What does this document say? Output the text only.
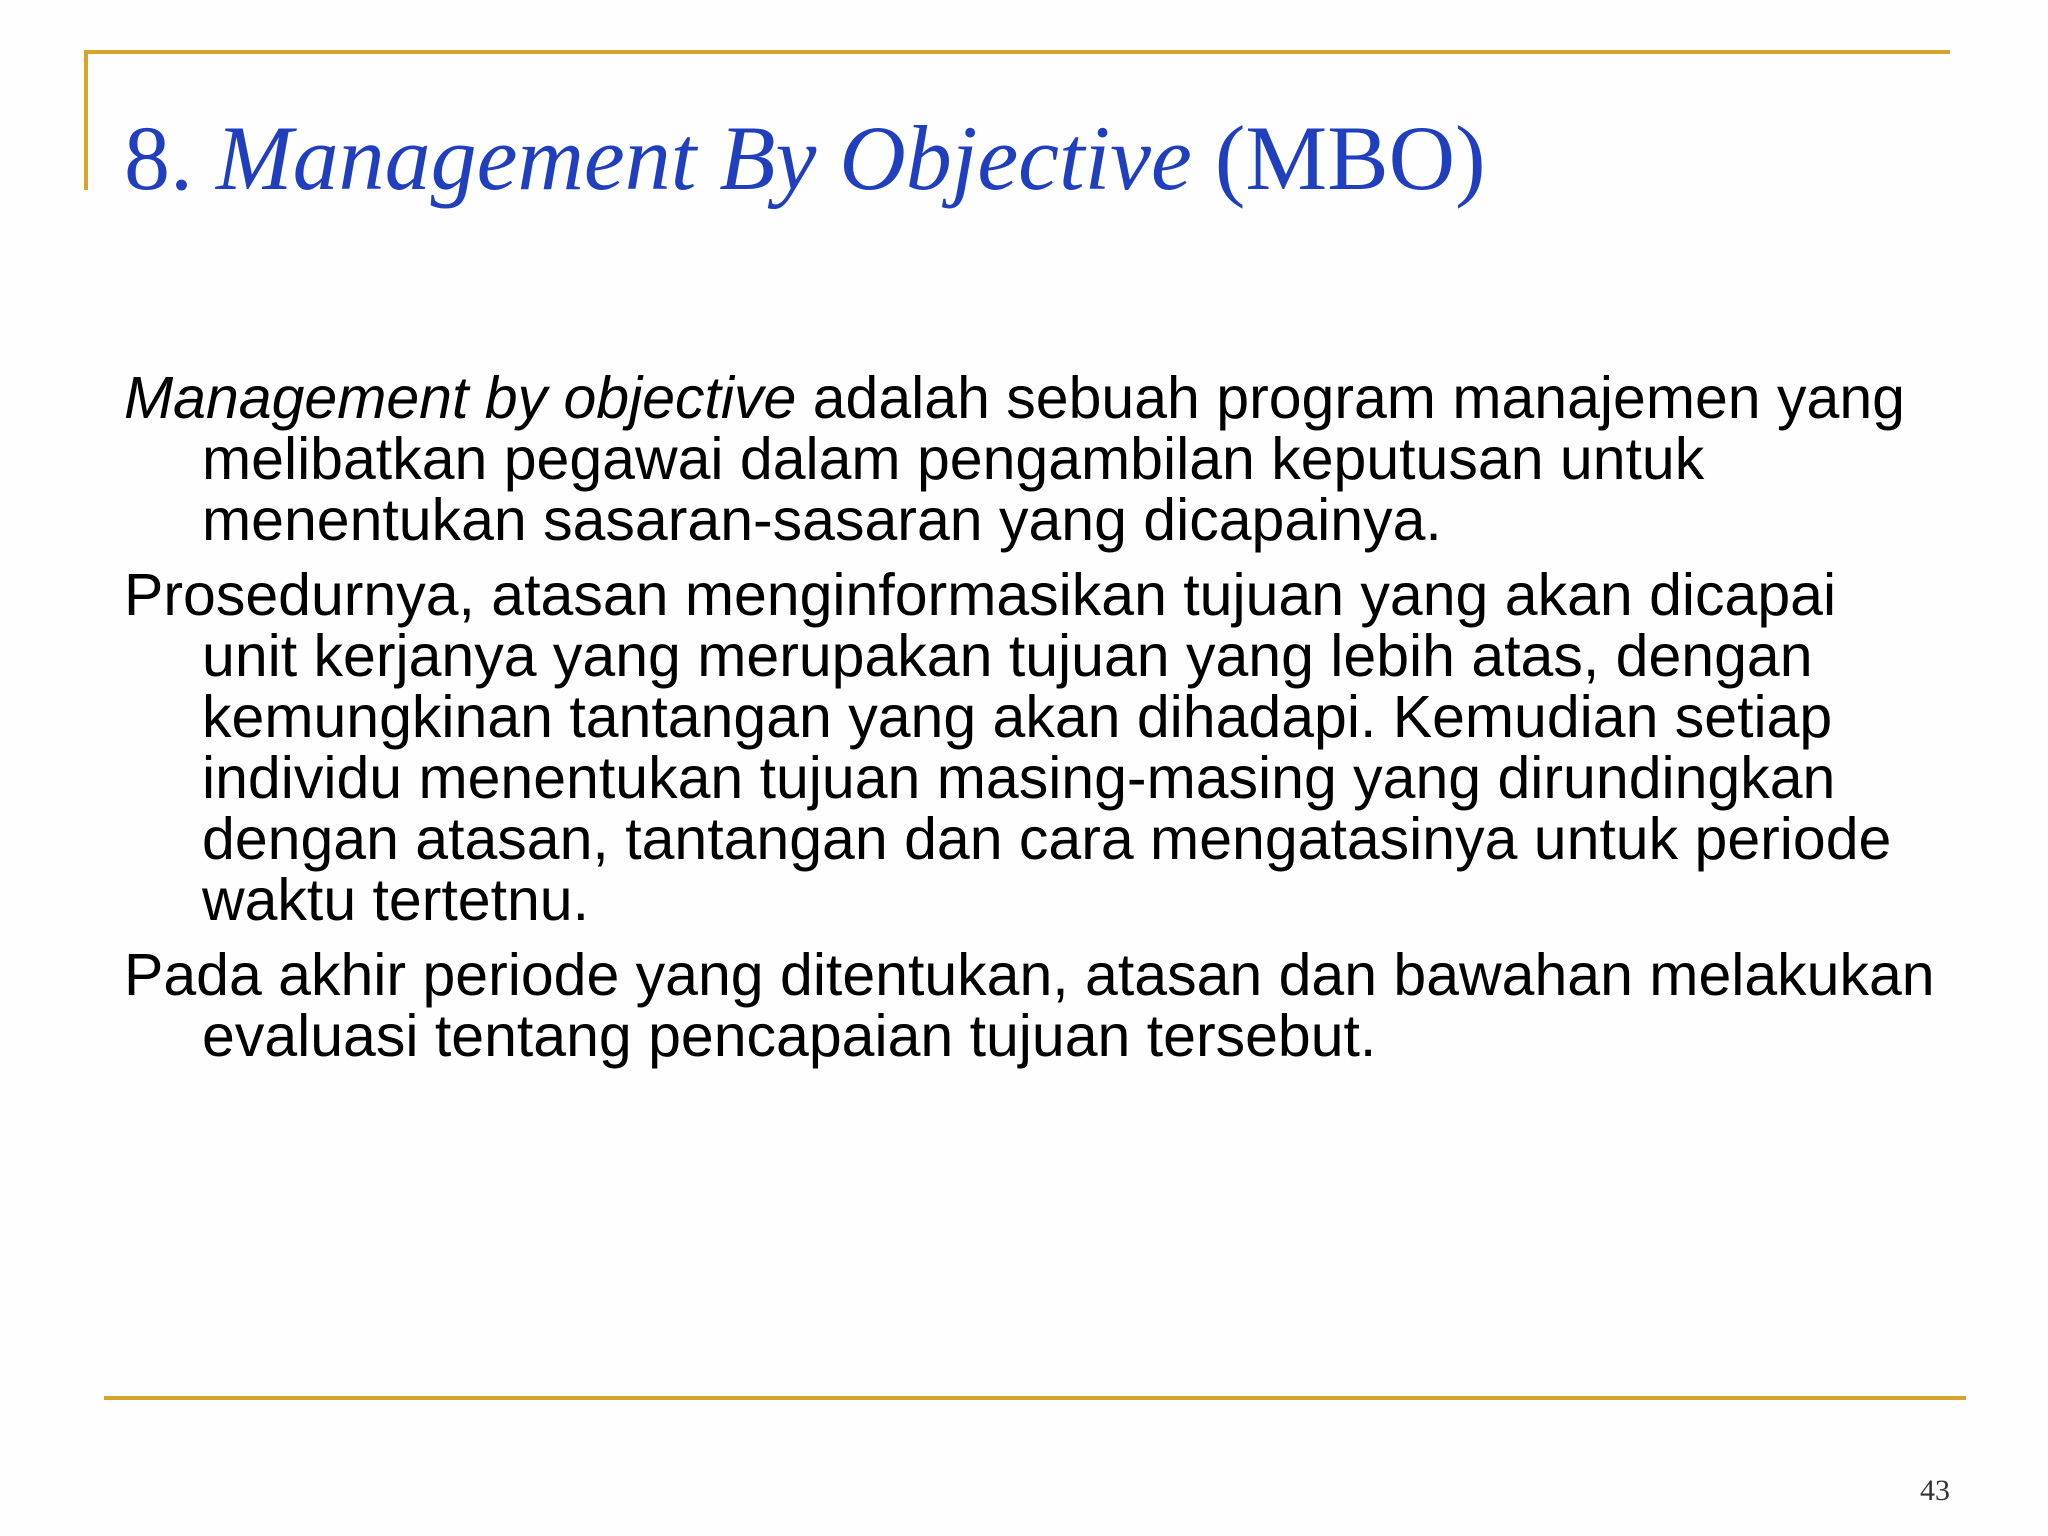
8. Management By Objective (MBO)

Management by objective adalah sebuah program manajemen yang melibatkan pegawai dalam pengambilan keputusan untuk menentukan sasaran-sasaran yang dicapainya.

Prosedurnya, atasan menginformasikan tujuan yang akan dicapai unit kerjanya yang merupakan tujuan yang lebih atas, dengan kemungkinan tantangan yang akan dihadapi. Kemudian setiap individu menentukan tujuan masing-masing yang dirundingkan dengan atasan, tantangan dan cara mengatasinya untuk periode waktu tertetnu.

Pada akhir periode yang ditentukan, atasan dan bawahan melakukan evaluasi tentang pencapaian tujuan tersebut.

43
